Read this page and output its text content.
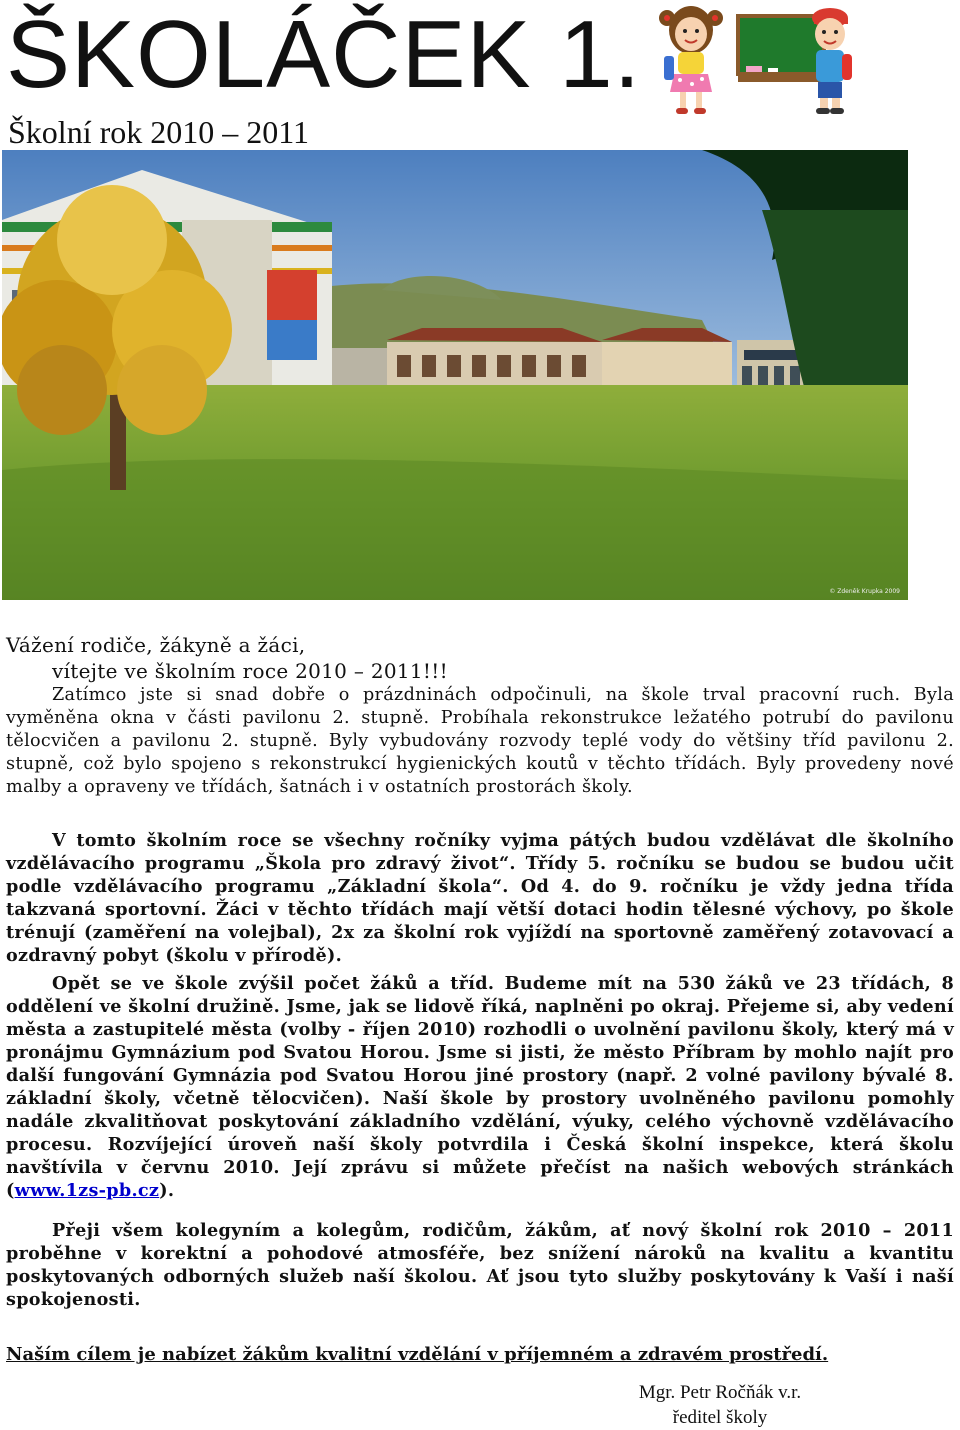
ŠKOLÁČEK 1.
Školní rok 2010 – 2011
© Zdeněk Krupka 2009
Vážení rodiče, žákyně a žáci,
vítejte ve školním roce 2010 – 2011!!!

Zatímco jste si snad dobře o prázdninách odpočinuli, na škole trval pracovní ruch. Byla vyměněna okna v části pavilonu 2. stupně. Probíhala rekonstrukce ležatého potrubí do pavilonu tělocvičen a pavilonu 2. stupně. Byly vybudovány rozvody teplé vody do většiny tříd pavilonu 2. stupně, což bylo spojeno s rekonstrukcí hygienických koutů v těchto třídách. Byly provedeny nové malby a opraveny ve třídách, šatnách i v ostatních prostorách školy.

V tomto školním roce se všechny ročníky vyjma pátých budou vzdělávat dle školního vzdělávacího programu „Škola pro zdravý život“. Třídy 5. ročníku se budou se budou učit podle vzdělávacího programu „Základní škola“. Od 4. do 9. ročníku je vždy jedna třída takzvaná sportovní. Žáci v těchto třídách mají větší dotaci hodin tělesné výchovy, po škole trénují (zaměření na volejbal), 2x za školní rok vyjíždí na sportovně zaměřený zotavovací a ozdravný pobyt (školu v přírodě).

Opět se ve škole zvýšil počet žáků a tříd. Budeme mít na 530 žáků ve 23 třídách, 8 oddělení ve školní družině. Jsme, jak se lidově říká, naplněni po okraj. Přejeme si, aby vedení města a zastupitelé města (volby - říjen 2010) rozhodli o uvolnění pavilonu školy, který má v pronájmu Gymnázium pod Svatou Horou. Jsme si jisti, že město Příbram by mohlo najít pro další fungování Gymnázia pod Svatou Horou jiné prostory (např. 2 volné pavilony bývalé 8. základní školy, včetně tělocvičen). Naší škole by prostory uvolněného pavilonu pomohly nadále zkvalitňovat poskytování základního vzdělání, výuky, celého výchovně vzdělávacího procesu. Rozvíjející úroveň naší školy potvrdila i Česká školní inspekce, která školu navštívila v červnu 2010. Její zprávu si můžete přečíst na našich webových stránkách (www.1zs-pb.cz).

Přeji všem kolegyním a kolegům, rodičům, žákům, ať nový školní rok 2010 – 2011 proběhne v korektní a pohodové atmosféře, bez snížení nároků na kvalitu a kvantitu poskytovaných odborných služeb naší školou. Ať jsou tyto služby poskytovány k Vaší i naší spokojenosti.

Naším cílem je nabízet žákům kvalitní vzdělání v příjemném a zdravém prostředí.
Mgr. Petr Ročňák v.r.
ředitel školy
